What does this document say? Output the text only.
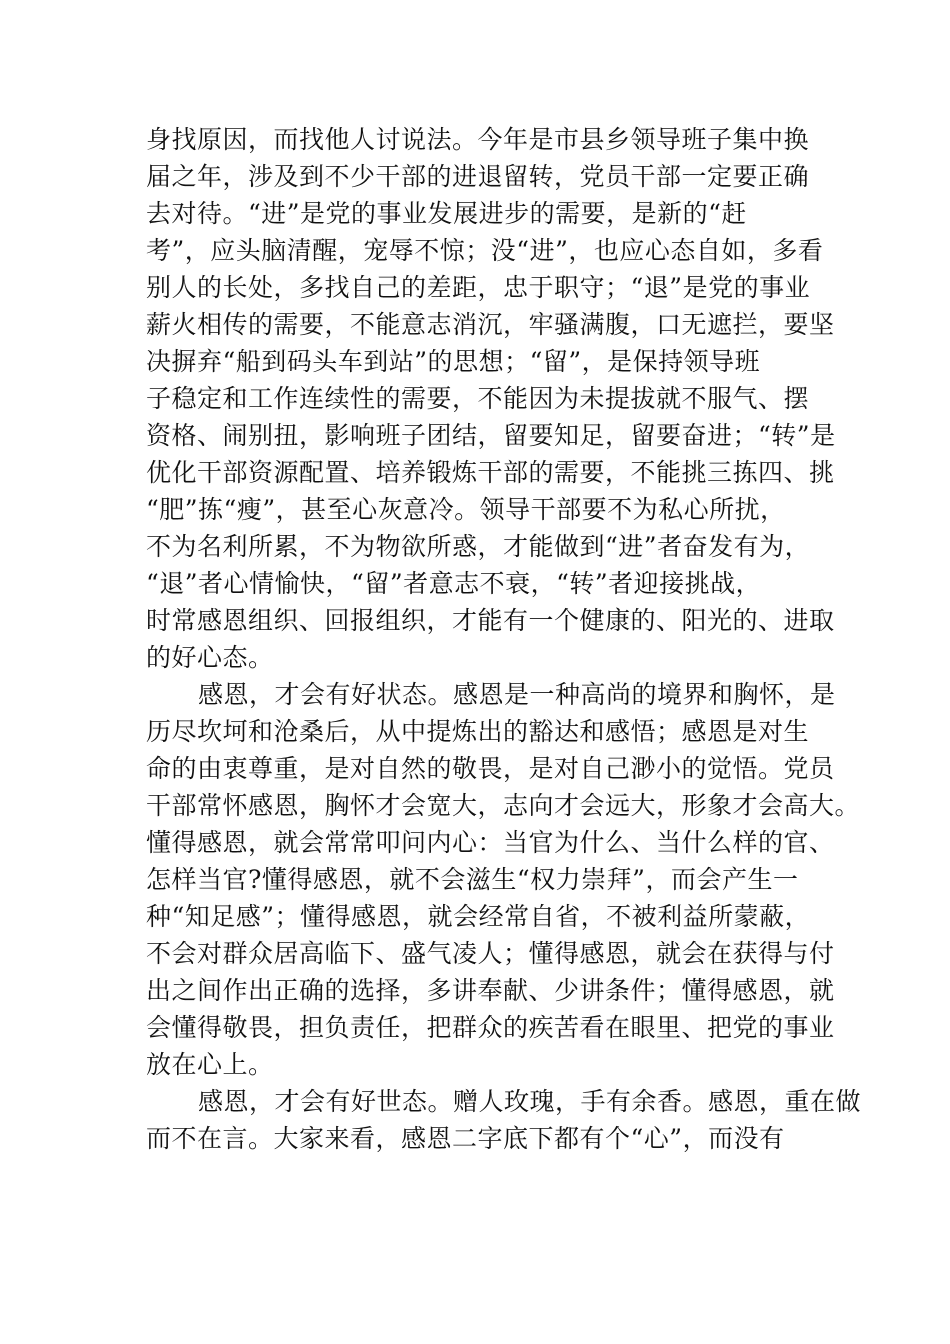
身找原因，而找他人讨说法。今年是市县乡领导班子集中换
届之年，涉及到不少干部的进退留转，党员干部一定要正确
去对待。“进”是党的事业发展进步的需要，是新的“赶
考”，应头脑清醒，宠辱不惊；没“进”，也应心态自如，多看
别人的长处，多找自己的差距，忠于职守；“退”是党的事业
薪火相传的需要，不能意志消沉，牢骚满腹，口无遮拦，要坚
决摒弃“船到码头车到站”的思想；“留”，是保持领导班
子稳定和工作连续性的需要，不能因为未提拔就不服气、摆
资格、闹别扭，影响班子团结，留要知足，留要奋进；“转”是
优化干部资源配置、培养锻炼干部的需要，不能挑三拣四、挑
“肥”拣“瘦”，甚至心灰意冷。领导干部要不为私心所扰，
不为名利所累，不为物欲所惑，才能做到“进”者奋发有为，
“退”者心情愉快，“留”者意志不衰，“转”者迎接挑战，
时常感恩组织、回报组织，才能有一个健康的、阳光的、进取
的好心态。
感恩，才会有好状态。感恩是一种高尚的境界和胸怀，是
历尽坎坷和沧桑后，从中提炼出的豁达和感悟；感恩是对生
命的由衷尊重，是对自然的敬畏，是对自己渺小的觉悟。党员
干部常怀感恩，胸怀才会宽大，志向才会远大，形象才会高大。
懂得感恩，就会常常叩问内心：当官为什么、当什么样的官、
怎样当官?懂得感恩，就不会滋生“权力崇拜”，而会产生一
种“知足感”；懂得感恩，就会经常自省，不被利益所蒙蔽，
不会对群众居高临下、盛气凌人；懂得感恩，就会在获得与付
出之间作出正确的选择，多讲奉献、少讲条件；懂得感恩，就
会懂得敬畏，担负责任，把群众的疾苦看在眼里、把党的事业
放在心上。
感恩，才会有好世态。赠人玫瑰，手有余香。感恩，重在做
而不在言。大家来看，感恩二字底下都有个“心”，而没有
